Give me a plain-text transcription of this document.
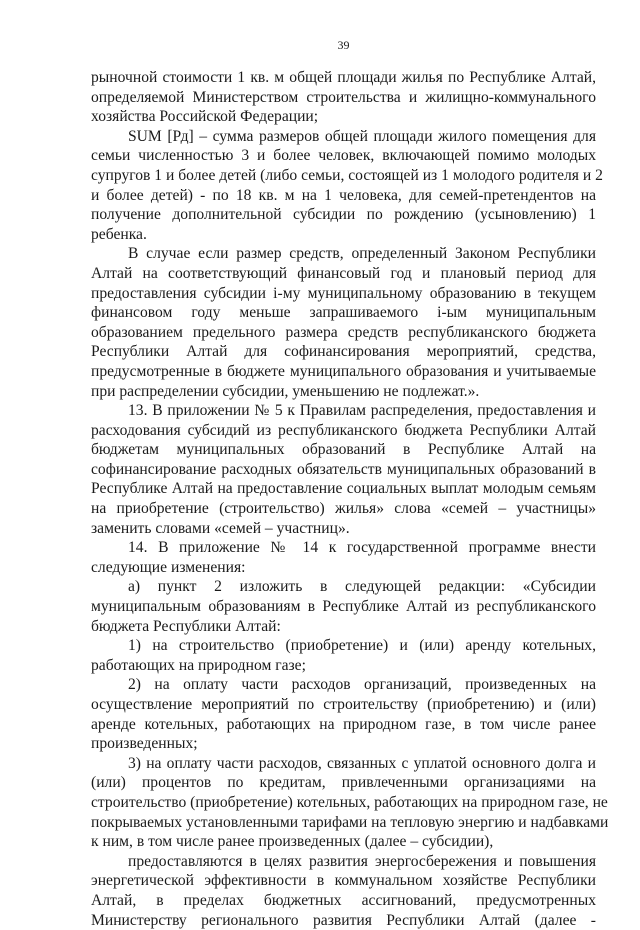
39
рыночной стоимости 1 кв. м общей площади жилья по Республике Алтай,
определяемой Министерством строительства и жилищно-коммунального
хозяйства Российской Федерации;
SUM [Рд] – сумма размеров общей площади жилого помещения для
семьи численностью 3 и более человек, включающей помимо молодых
супругов 1 и более детей (либо семьи, состоящей из 1 молодого родителя и 2
и более детей) - по 18 кв. м на 1 человека, для семей-претендентов на
получение дополнительной субсидии по рождению (усыновлению) 1
ребенка.
В случае если размер средств, определенный Законом Республики
Алтай на соответствующий финансовый год и плановый период для
предоставления субсидии i-му муниципальному образованию в текущем
финансовом году меньше запрашиваемого i-ым муниципальным
образованием предельного размера средств республиканского бюджета
Республики Алтай для софинансирования мероприятий, средства,
предусмотренные в бюджете муниципального образования и учитываемые
при распределении субсидии, уменьшению не подлежат.».
13. В приложении № 5 к Правилам распределения, предоставления и
расходования субсидий из республиканского бюджета Республики Алтай
бюджетам муниципальных образований в Республике Алтай на
софинансирование расходных обязательств муниципальных образований в
Республике Алтай на предоставление социальных выплат молодым семьям
на приобретение (строительство) жилья» слова «семей – участницы»
заменить словами «семей – участниц».
14. В приложение № 14 к государственной программе внести
следующие изменения:
а) пункт 2 изложить в следующей редакции: «Субсидии
муниципальным образованиям в Республике Алтай из республиканского
бюджета Республики Алтай:
1) на строительство (приобретение) и (или) аренду котельных,
работающих на природном газе;
2) на оплату части расходов организаций, произведенных на
осуществление мероприятий по строительству (приобретению) и (или)
аренде котельных, работающих на природном газе, в том числе ранее
произведенных;
3) на оплату части расходов, связанных с уплатой основного долга и
(или) процентов по кредитам, привлеченными организациями на
строительство (приобретение) котельных, работающих на природном газе, не
покрываемых установленными тарифами на тепловую энергию и надбавками
к ним, в том числе ранее произведенных (далее – субсидии),
предоставляются в целях развития энергосбережения и повышения
энергетической эффективности в коммунальном хозяйстве Республики
Алтай, в пределах бюджетных ассигнований, предусмотренных
Министерству регионального развития Республики Алтай (далее -
